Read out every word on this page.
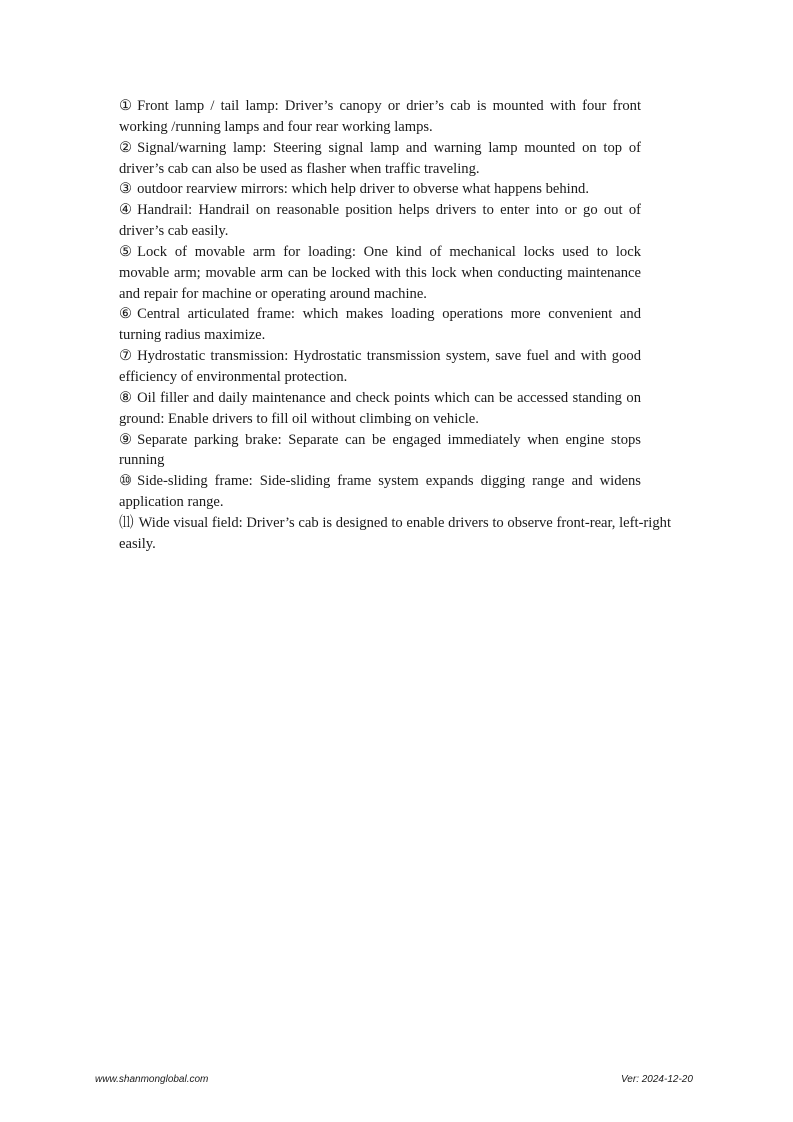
① Front lamp / tail lamp: Driver’s canopy or drier’s cab is mounted with four front working /running lamps and four rear working lamps.

② Signal/warning lamp: Steering signal lamp and warning lamp mounted on top of driver’s cab can also be used as flasher when traffic traveling.

③ outdoor rearview mirrors: which help driver to obverse what happens behind.

④ Handrail: Handrail on reasonable position helps drivers to enter into or go out of driver’s cab easily.

⑤ Lock of movable arm for loading: One kind of mechanical locks used to lock movable arm; movable arm can be locked with this lock when conducting maintenance and repair for machine or operating around machine.

⑥ Central articulated frame: which makes loading operations more convenient and turning radius maximize.

⑦ Hydrostatic transmission: Hydrostatic transmission system, save fuel and with good efficiency of environmental protection.

⑧ Oil filler and daily maintenance and check points which can be accessed standing on ground: Enable drivers to fill oil without climbing on vehicle.

⑨ Separate parking brake: Separate can be engaged immediately when engine stops running

⑩ Side-sliding frame: Side-sliding frame system expands digging range and widens application range.

⑾ Wide visual field: Driver’s cab is designed to enable drivers to observe front-rear, left-right easily.

www.shanmonglobal.com	Ver: 2024-12-20
